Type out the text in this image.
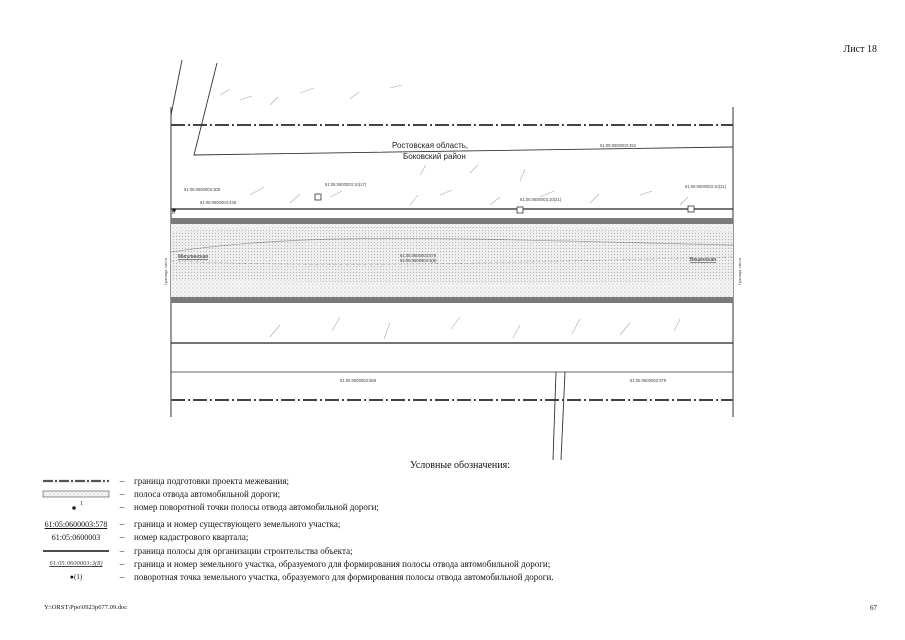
Лист 18
б
Ростовская область,
Боковский район
61:05:0600003:452
61:05:0600003:10(17)
61:05:0600003:10(21)
61:05:0600003:10(31)
61:05:0600003:308
61:05:0600003:438
61:05:0600003:578
61:05:0600003:3(8)
61:05:0600003:558	61:05:0600003:379
Мигулинская	Вешенская
Граница листа	Граница листа
Условные обозначения:
–	граница подготовки проекта межевания;
–	полоса отвода автомобильной дороги;
1	–	номер поворотной точки полосы отвода автомобильной дороги;
61:05:0600003:578	–	граница и номер существующего земельного участка;
61:05:0600003	–	номер кадастрового квартала;
–	граница полосы для организации строительства объекта;
61:05:0600003:3(8)	–	граница и номер земельного участка, образуемого для формирования полосы отвода автомобильной дороги;
●(1)	–	поворотная точка земельного участка, образуемого для формирования полосы отвода автомобильной дороги.
Y:\ORST\Ppo\0923p677.09.doc	67
